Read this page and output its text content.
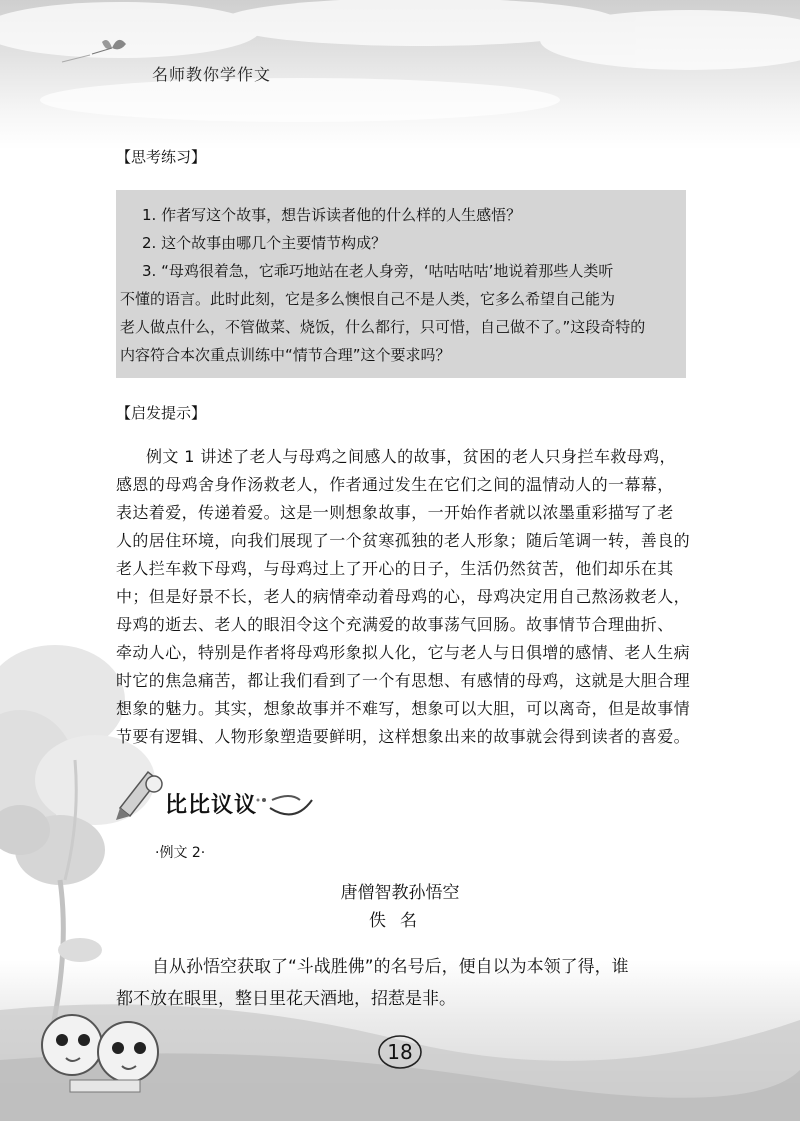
名师教你学作文
【思考练习】
1. 作者写这个故事，想告诉读者他的什么样的人生感悟？
2. 这个故事由哪几个主要情节构成？
3. “母鸡很着急，它乖巧地站在老人身旁，‘咕咕咕咕’地说着那些人类听
不懂的语言。此时此刻，它是多么懊恨自己不是人类，它多么希望自己能为
老人做点什么，不管做菜、烧饭，什么都行，只可惜，自己做不了。”这段奇特的
内容符合本次重点训练中“情节合理”这个要求吗？
【启发提示】
例文 1 讲述了老人与母鸡之间感人的故事，贫困的老人只身拦车救母鸡，
感恩的母鸡舍身作汤救老人，作者通过发生在它们之间的温情动人的一幕幕，
表达着爱，传递着爱。这是一则想象故事，一开始作者就以浓墨重彩描写了老
人的居住环境，向我们展现了一个贫寒孤独的老人形象；随后笔调一转，善良的
老人拦车救下母鸡，与母鸡过上了开心的日子，生活仍然贫苦，他们却乐在其
中；但是好景不长，老人的病情牵动着母鸡的心，母鸡决定用自己熬汤救老人，
母鸡的逝去、老人的眼泪令这个充满爱的故事荡气回肠。故事情节合理曲折、
牵动人心，特别是作者将母鸡形象拟人化，它与老人与日俱增的感情、老人生病
时它的焦急痛苦，都让我们看到了一个有思想、有感情的母鸡，这就是大胆合理
想象的魅力。其实，想象故事并不难写，想象可以大胆，可以离奇，但是故事情
节要有逻辑、人物形象塑造要鲜明，这样想象出来的故事就会得到读者的喜爱。
比比议议
·例文 2·
唐僧智教孙悟空
佚名
自从孙悟空获取了“斗战胜佛”的名号后，便自以为本领了得，谁
都不放在眼里，整日里花天酒地，招惹是非。
18
